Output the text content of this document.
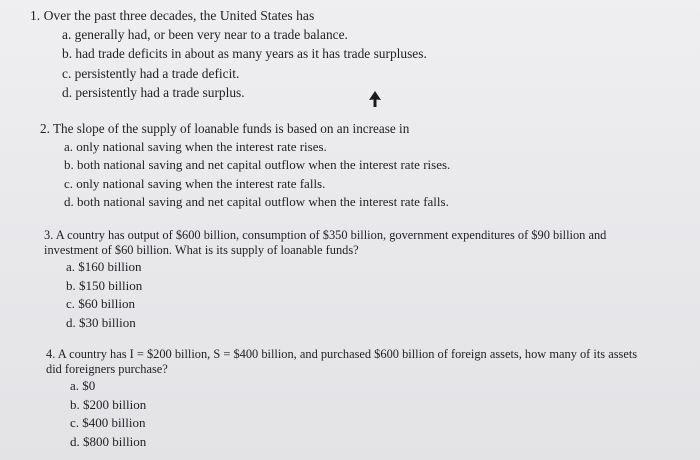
1. Over the past three decades, the United States has

a. generally had, or been very near to a trade balance.

b. had trade deficits in about as many years as it has trade surpluses.

c. persistently had a trade deficit.

d. persistently had a trade surplus.

2. The slope of the supply of loanable funds is based on an increase in

a. only national saving when the interest rate rises.

b. both national saving and net capital outflow when the interest rate rises.

c. only national saving when the interest rate falls.

d. both national saving and net capital outflow when the interest rate falls.

3. A country has output of $600 billion, consumption of $350 billion, government expenditures of $90 billion and

investment of $60 billion. What is its supply of loanable funds?

a. $160 billion

b. $150 billion

c. $60 billion

d. $30 billion

4. A country has I = $200 billion, S = $400 billion, and purchased $600 billion of foreign assets, how many of its assets

did foreigners purchase?

a. $0

b. $200 billion

c. $400 billion

d. $800 billion
